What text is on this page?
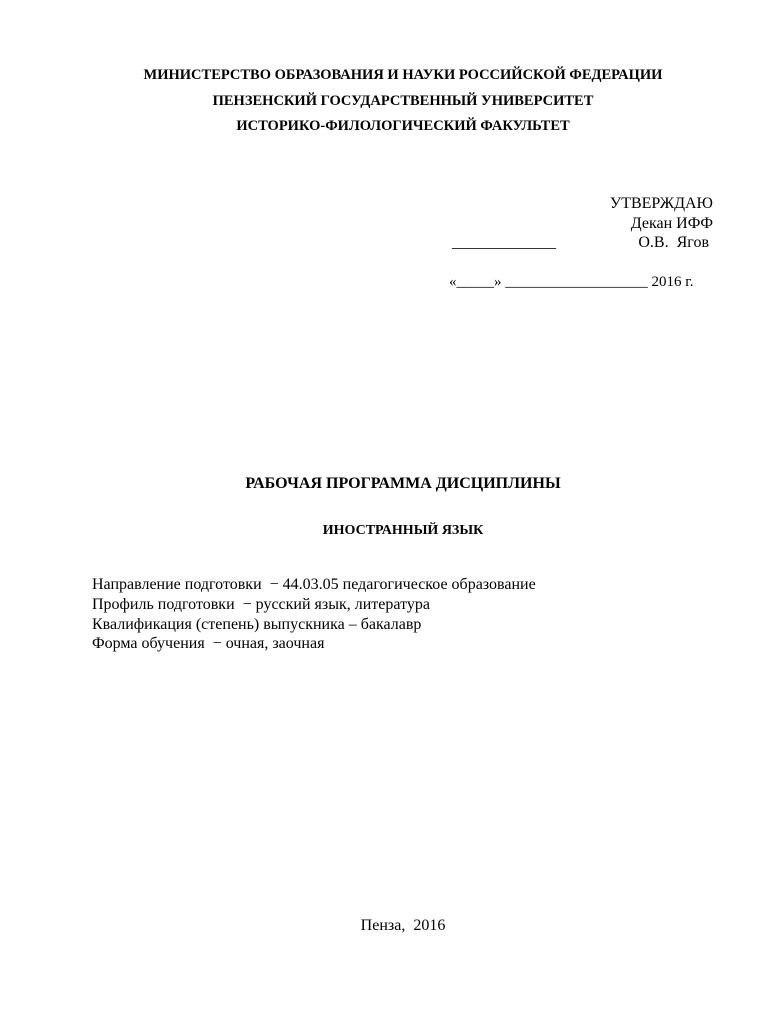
МИНИСТЕРСТВО ОБРАЗОВАНИЯ И НАУКИ РОССИЙСКОЙ ФЕДЕРАЦИИ
ПЕНЗЕНСКИЙ ГОСУДАРСТВЕННЫЙ УНИВЕРСИТЕТ
ИСТОРИКО-ФИЛОЛОГИЧЕСКИЙ ФАКУЛЬТЕТ
УТВЕРЖДАЮ
Декан ИФФ
_____________	О.В.  Ягов
«_____» ___________________ 2016 г.
РАБОЧАЯ ПРОГРАММА ДИСЦИПЛИНЫ
ИНОСТРАННЫЙ ЯЗЫК
Направление подготовки  − 44.03.05 педагогическое образование
Профиль подготовки  − русский язык, литература
Квалификация (степень) выпускника – бакалавр
Форма обучения  − очная, заочная
Пенза,  2016
